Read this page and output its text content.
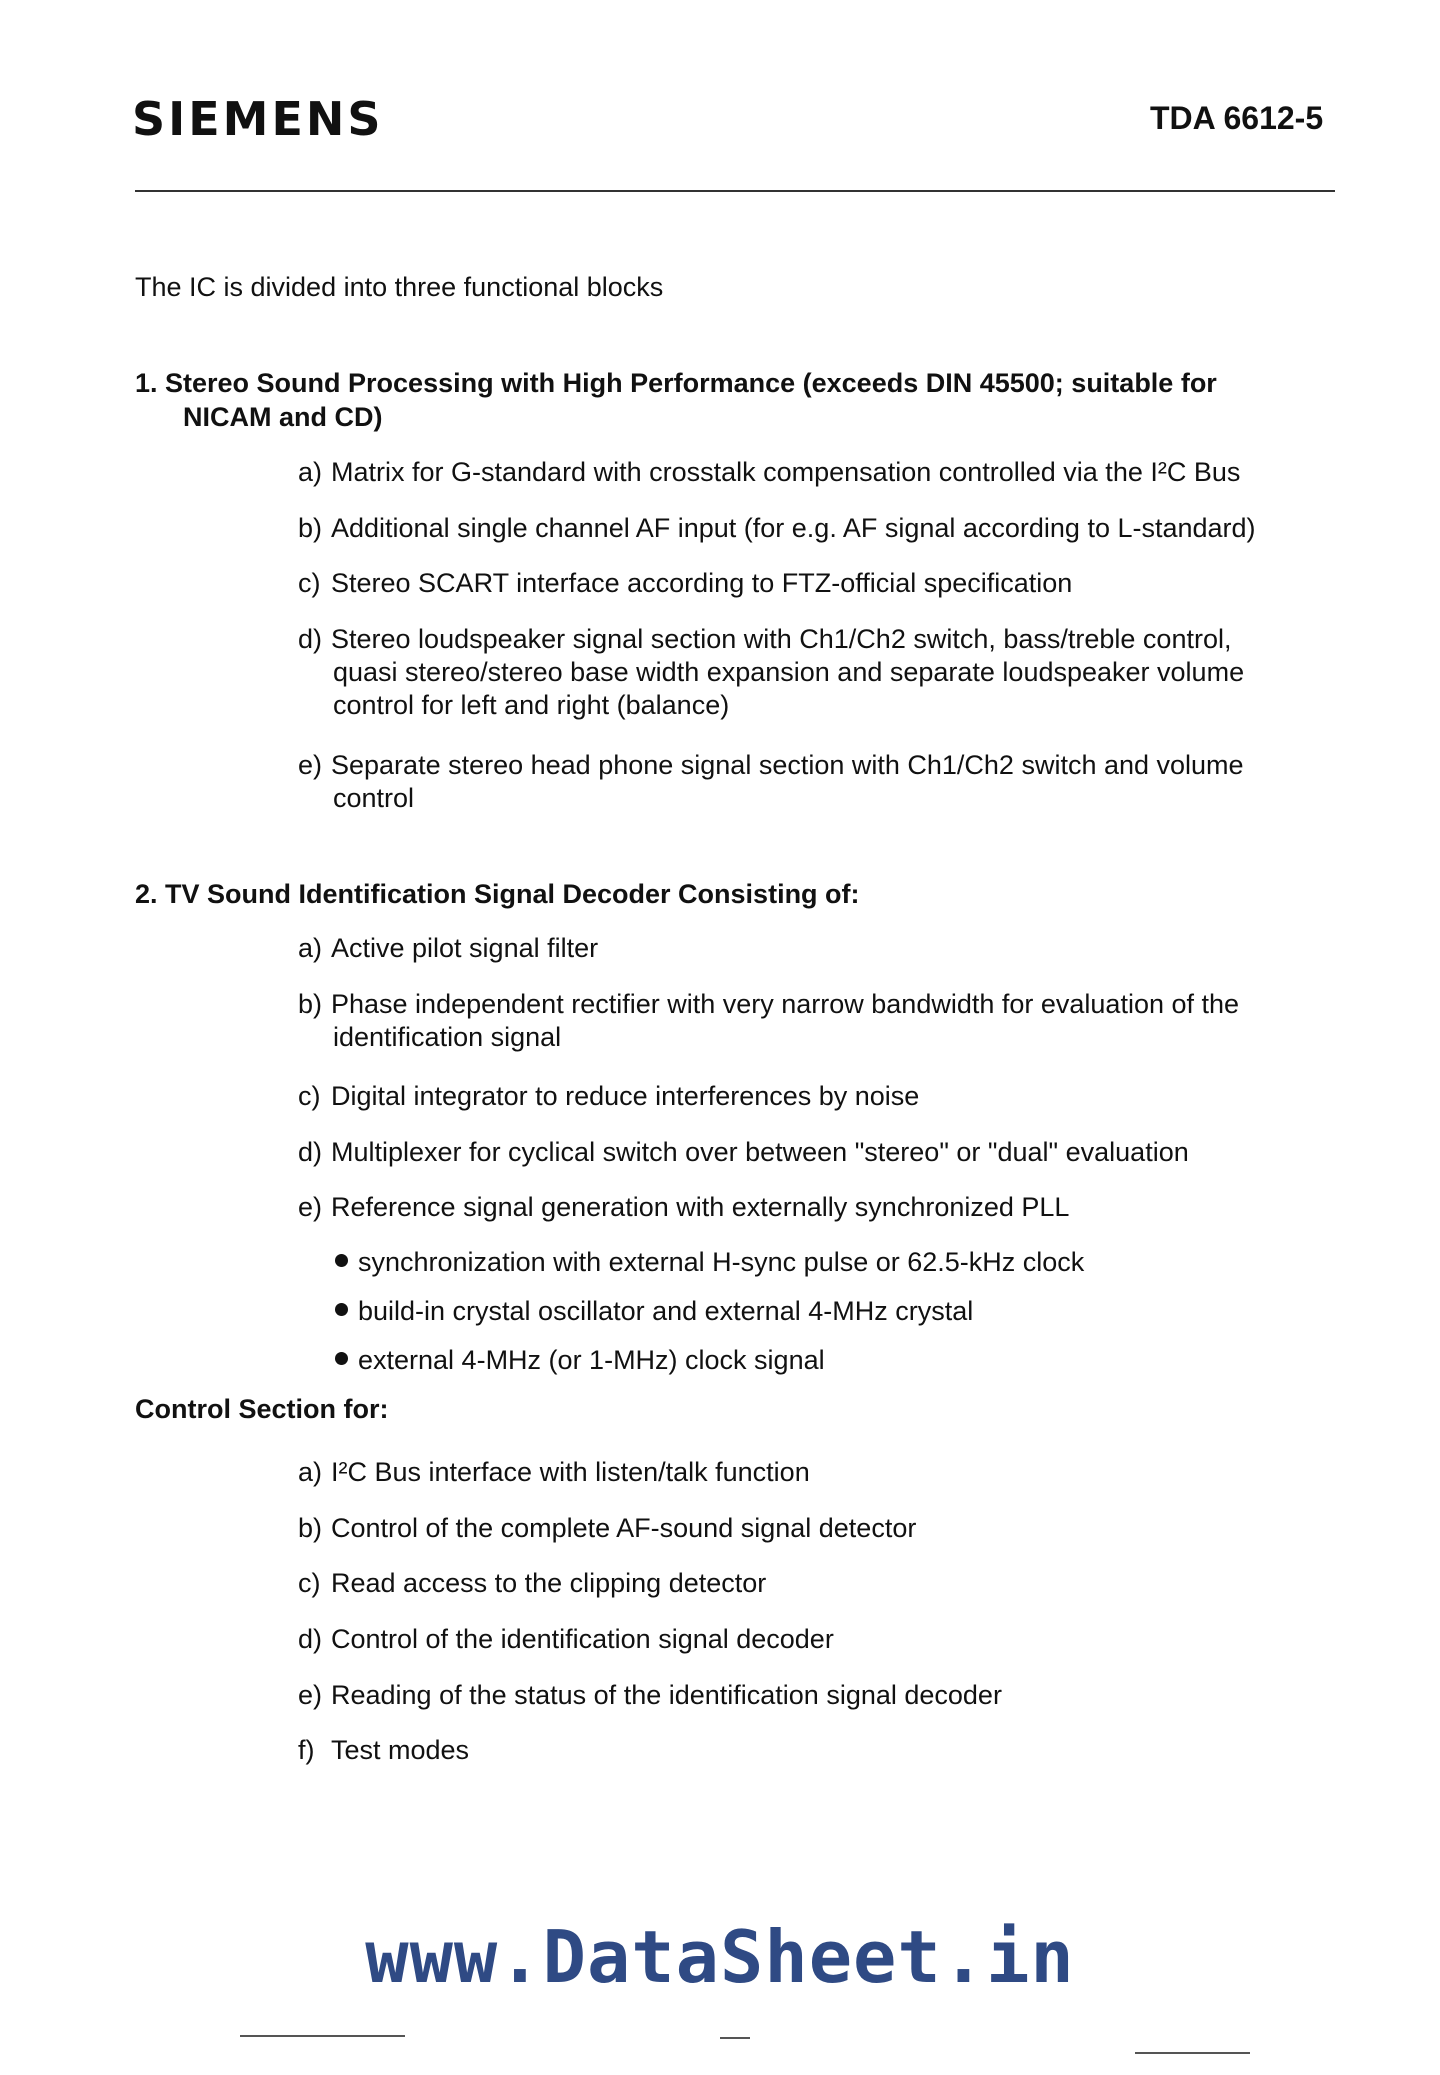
SIEMENS	TDA 6612-5
The IC is divided into three functional blocks
1. Stereo Sound Processing with High Performance (exceeds DIN 45500; suitable for
NICAM and CD)
a) Matrix for G-standard with crosstalk compensation controlled via the I²C Bus
b) Additional single channel AF input (for e.g. AF signal according to L-standard)
c) Stereo SCART interface according to FTZ-official specification
d) Stereo loudspeaker signal section with Ch1/Ch2 switch, bass/treble control,
quasi stereo/stereo base width expansion and separate loudspeaker volume
control for left and right (balance)
e) Separate stereo head phone signal section with Ch1/Ch2 switch and volume
control
2. TV Sound Identification Signal Decoder Consisting of:
a) Active pilot signal filter
b) Phase independent rectifier with very narrow bandwidth for evaluation of the
identification signal
c) Digital integrator to reduce interferences by noise
d) Multiplexer for cyclical switch over between "stereo" or "dual" evaluation
e) Reference signal generation with externally synchronized PLL
synchronization with external H-sync pulse or 62.5-kHz clock
build-in crystal oscillator and external 4-MHz crystal
external 4-MHz (or 1-MHz) clock signal
Control Section for:
a) I²C Bus interface with listen/talk function
b) Control of the complete AF-sound signal detector
c) Read access to the clipping detector
d) Control of the identification signal decoder
e) Reading of the status of the identification signal decoder
f) Test modes
www.DataSheet.in
